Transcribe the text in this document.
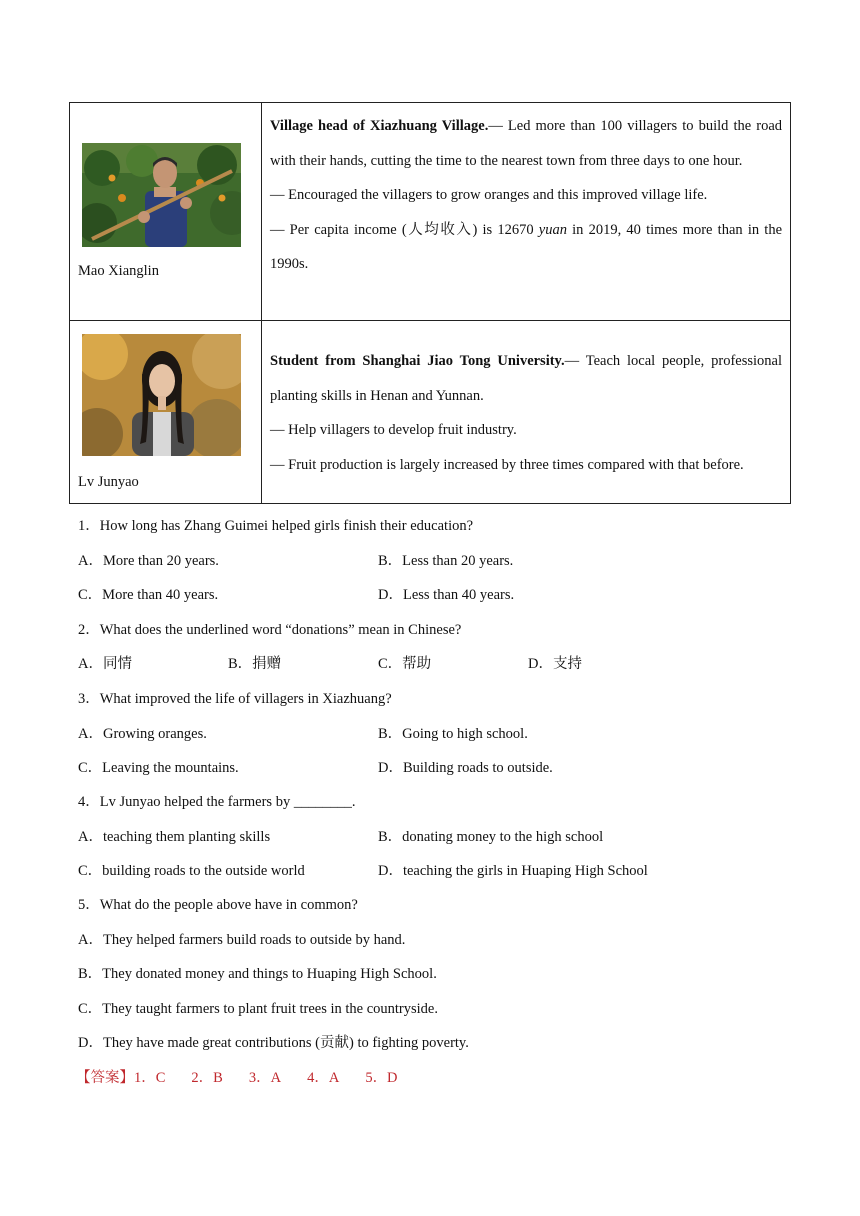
Mao Xianglin	Village head of Xiazhuang Village.— Led more than 100 villagers to build the road with their hands, cutting the time to the nearest town from three days to one hour.

— Encouraged the villagers to grow oranges and this improved village life.

— Per capita income (人均收入) is 12670 yuan in 2019, 40 times more than in the 1990s.

Lv Junyao	Student from Shanghai Jiao Tong University.— Teach local people, professional planting skills in Henan and Yunnan.

— Help villagers to develop fruit industry.

— Fruit production is largely increased by three times compared with that before.

1．How long has Zhang Guimei helped girls finish their education?
A．More than 20 years.	B．Less than 20 years.
C．More than 40 years.	D．Less than 40 years.
2．What does the underlined word “donations” mean in Chinese?
A．同情	B．捐赠	C．帮助	D．支持
3．What improved the life of villagers in Xiazhuang?
A．Growing oranges.	B．Going to high school.
C．Leaving the mountains.	D．Building roads to outside.
4．Lv Junyao helped the farmers by ________.
A．teaching them planting skills	B．donating money to the high school
C．building roads to the outside world	D．teaching the girls in Huaping High School
5．What do the people above have in common?
A．They helped farmers build roads to outside by hand.
B．They donated money and things to Huaping High School.
C．They taught farmers to plant fruit trees in the countryside.
D．They have made great contributions (贡献) to fighting poverty.
【答案】1．C 2．B 3．A 4．A 5．D
